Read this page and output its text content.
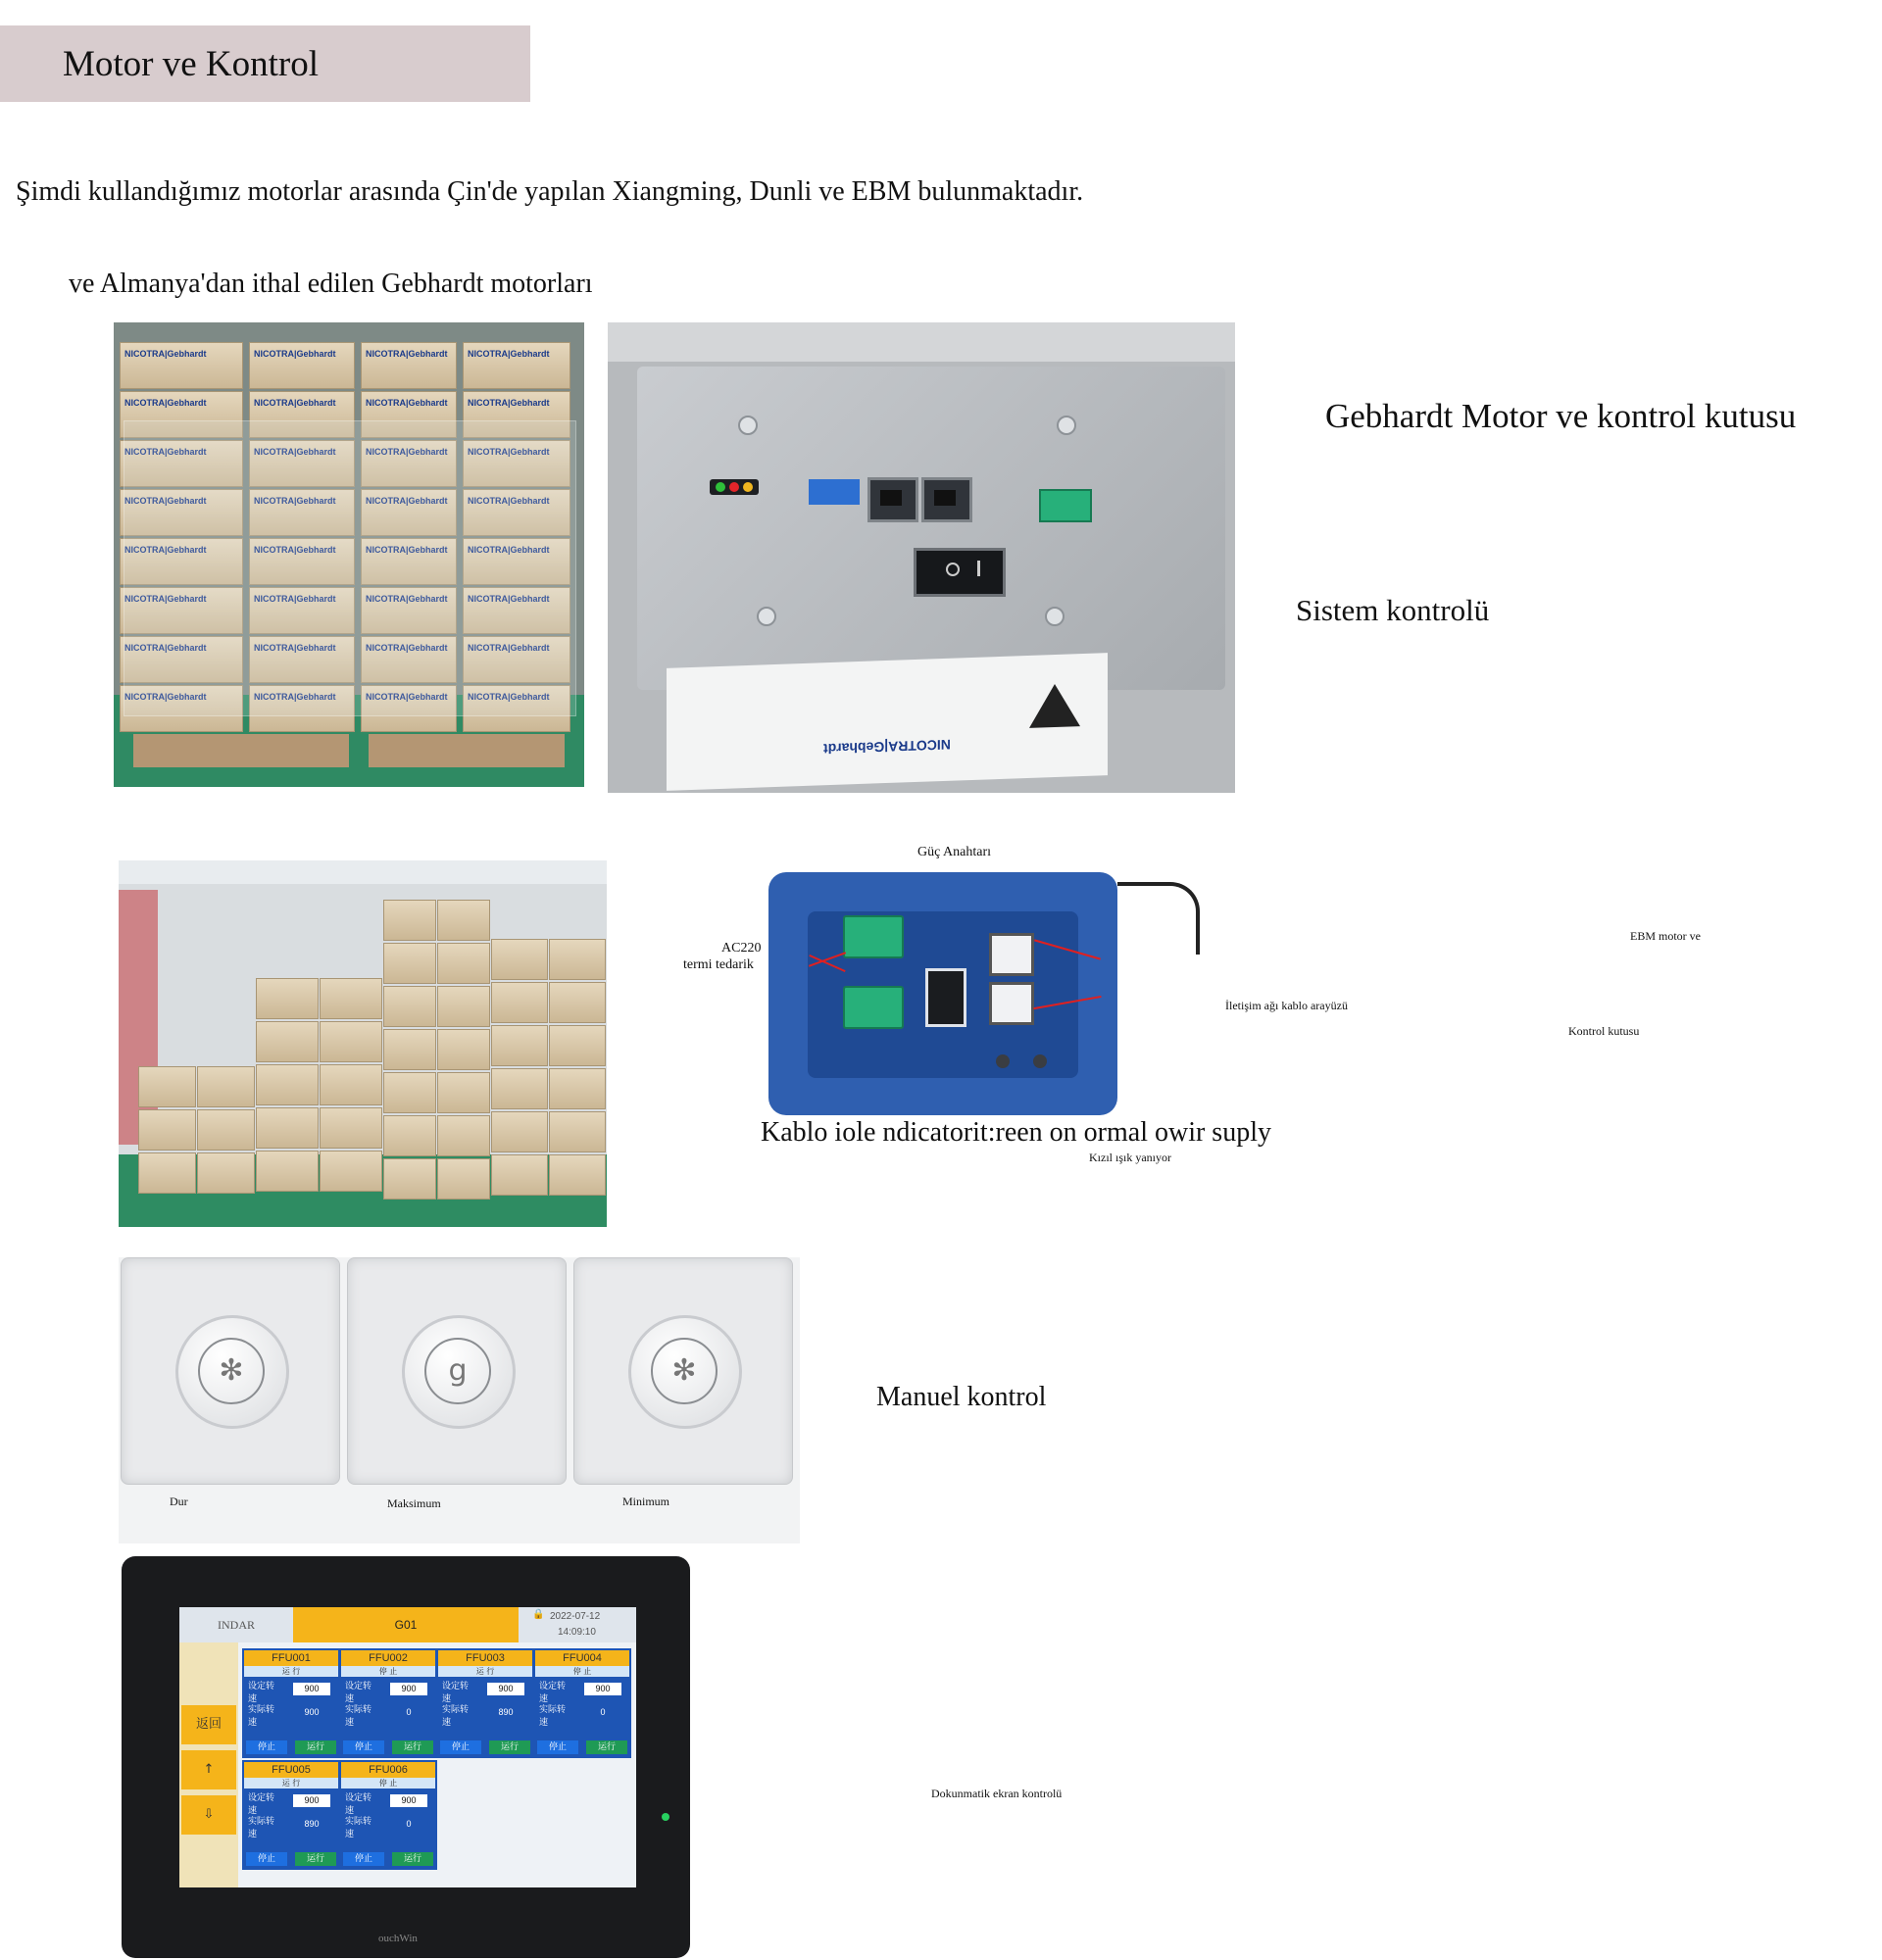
Motor ve Kontrol
Şimdi kullandığımız motorlar arasında Çin'de yapılan Xiangming, Dunli ve EBM bulunmaktadır.
ve Almanya'dan ithal edilen Gebhardt motorları
NICOTRA|Gebhardt
NICOTRA|Gebhardt
NICOTRA|Gebhardt
NICOTRA|Gebhardt
NICOTRA|Gebhardt
NICOTRA|Gebhardt
NICOTRA|Gebhardt
NICOTRA|Gebhardt
NICOTRA|Gebhardt
NICOTRA|Gebhardt
NICOTRA|Gebhardt
NICOTRA|Gebhardt
NICOTRA|Gebhardt
NICOTRA|Gebhardt
NICOTRA|Gebhardt
NICOTRA|Gebhardt
NICOTRA|Gebhardt
NICOTRA|Gebhardt
NICOTRA|Gebhardt
NICOTRA|Gebhardt
NICOTRA|Gebhardt
NICOTRA|Gebhardt
NICOTRA|Gebhardt
NICOTRA|Gebhardt
NICOTRA|Gebhardt
NICOTRA|Gebhardt
NICOTRA|Gebhardt
NICOTRA|Gebhardt
NICOTRA|Gebhardt
NICOTRA|Gebhardt
NICOTRA|Gebhardt
NICOTRA|Gebhardt
NICOTRA|Gebhardt
Gebhardt Motor ve kontrol kutusu
Sistem kontrolü
Güç Anahtarı
AC220
termi tedarik
İletişim ağı kablo arayüzü
Kablo iole ndicatorit:reen on ormal owir suply
Kızıl ışık yanıyor
EBM motor ve
Kontrol kutusu
✻	g	✻
Dur	Maksimum	Minimum
Manuel kontrol
INDAR	G01
🔒 2022-07-12
14:09:10
返回
↑
⇩
FFU001
运 行
设定转速
900
实际转速
900
停止	运行
FFU002
停 止
设定转速
900
实际转速
0
停止	运行
FFU003
运 行
设定转速
900
实际转速
890
停止	运行
FFU004
停 止
设定转速
900
实际转速
0
停止	运行
FFU005
运 行
设定转速
900
实际转速
890
停止	运行
FFU006
停 止
设定转速
900
实际转速
0
停止	运行
ouchWin
Dokunmatik ekran kontrolü
